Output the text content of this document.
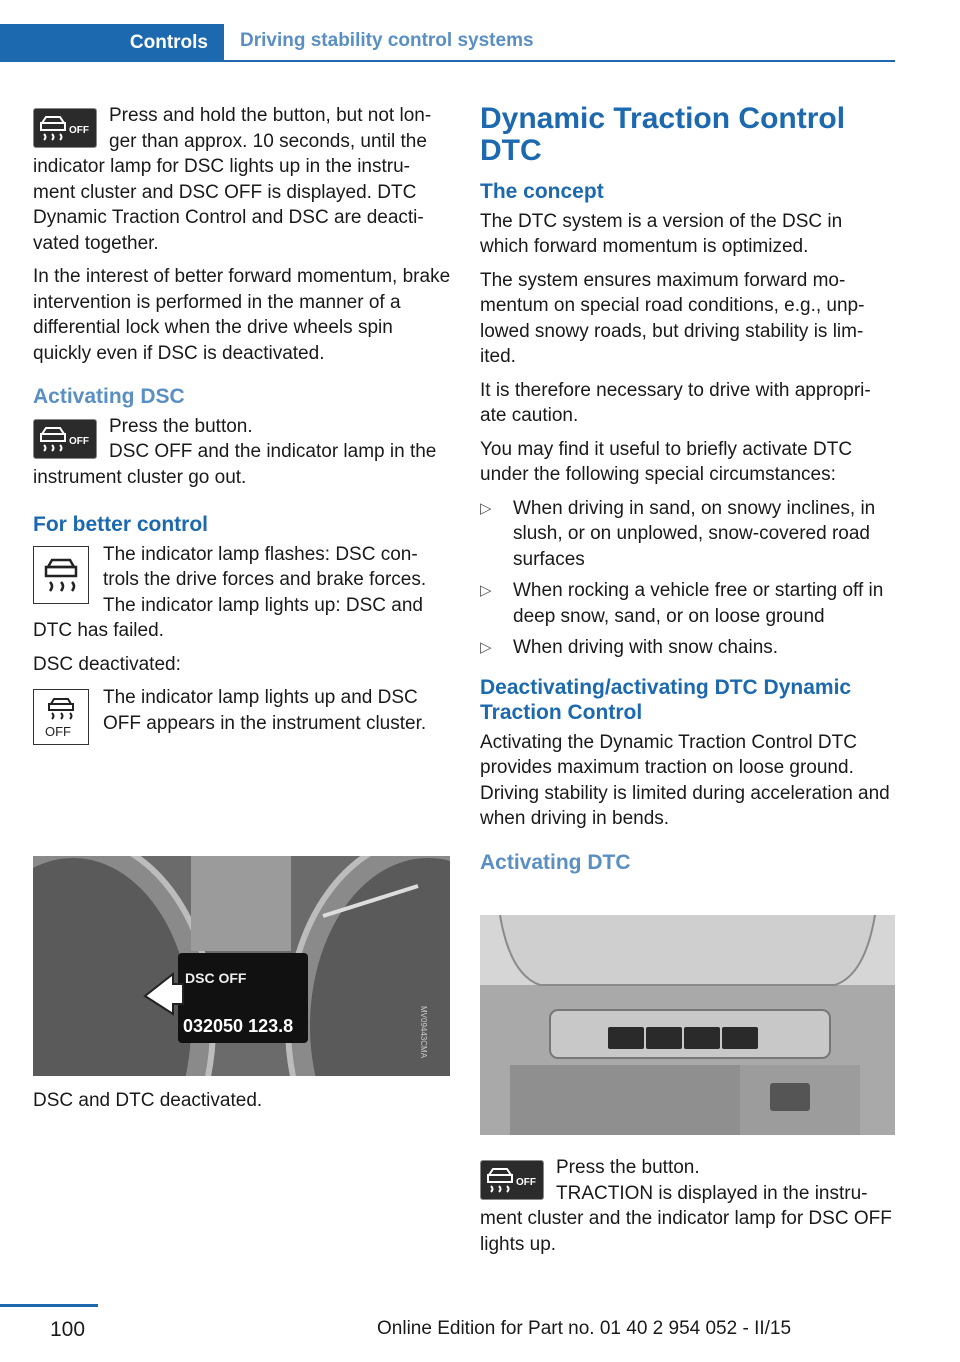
Controls Driving stability control systems

OFF
Press and hold the button, but not lon‐ger than approx. 10 seconds, until the indicator lamp for DSC lights up in the instru‐ment cluster and DSC OFF is displayed. DTC Dynamic Traction Control and DSC are deacti‐vated together.

In the interest of better forward momentum, brake intervention is performed in the manner of a differential lock when the drive wheels spin quickly even if DSC is deactivated.

Activating DSC

OFF
Press the button.
DSC OFF and the indicator lamp in the instrument cluster go out.

For better control

The indicator lamp flashes: DSC con‐trols the drive forces and brake forces.
The indicator lamp lights up: DSC and DTC has failed.

DSC deactivated:

OFF
The indicator lamp lights up and DSC OFF appears in the instrument cluster.

DSC OFF
032050 123.8	MV09443CMA
DSC and DTC deactivated.
Dynamic Traction Control DTC
The concept

The DTC system is a version of the DSC in which forward momentum is optimized.

The system ensures maximum forward mo‐mentum on special road conditions, e.g., unp‐lowed snowy roads, but driving stability is lim‐ited.

It is therefore necessary to drive with appropri‐ate caution.

You may find it useful to briefly activate DTC under the following special circumstances:

▷ When driving in sand, on snowy inclines, in slush, or on unplowed, snow-covered road surfaces
▷ When rocking a vehicle free or starting off in deep snow, sand, or on loose ground
▷ When driving with snow chains.
Deactivating/activating DTC Dynamic Traction Control

Activating the Dynamic Traction Control DTC provides maximum traction on loose ground. Driving stability is limited during acceleration and when driving in bends.

Activating DTC

OFF
Press the button.
TRACTION is displayed in the instru‐ment cluster and the indicator lamp for DSC OFF lights up.

100	Online Edition for Part no. 01 40 2 954 052 - II/15
